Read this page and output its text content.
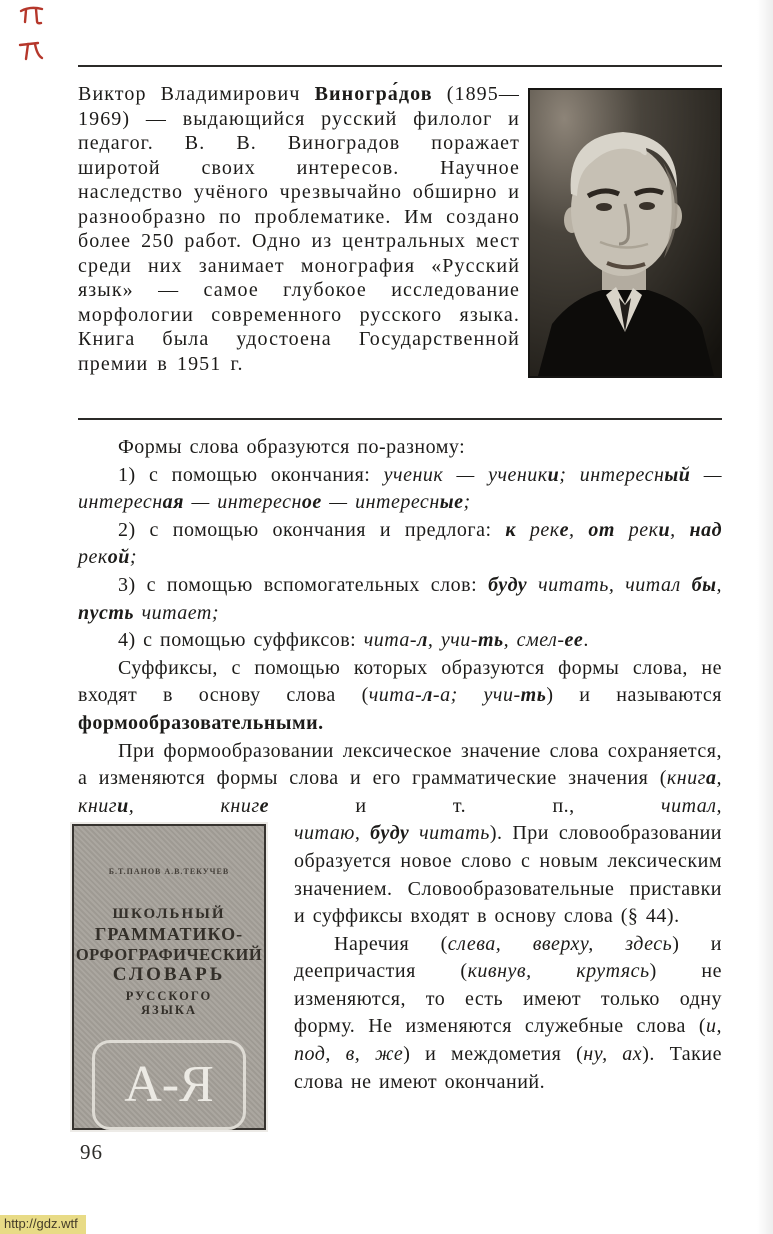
Виктор Владимирович Виногра́дов (1895—1969) — выдающийся русский филолог и педагог. В. В. Виноградов поражает широтой своих интересов. Научное наследство учёного чрезвычайно обширно и разнообразно по проблематике. Им создано более 250 работ. Одно из центральных мест среди них занимает монография «Русский язык» — самое глубокое исследование морфологии современного русского языка. Книга была удостоена Государственной премии в 1951 г.

Формы слова образуются по-разному:

1) с помощью окончания: ученик — ученики; интересный — интересная — интересное — интересные;

2) с помощью окончания и предлога: к реке, от реки, над рекой;

3) с помощью вспомогательных слов: буду читать, читал бы, пусть читает;

4) с помощью суффиксов: чита-л, учи-ть, смел-ее.

Суффиксы, с помощью которых образуются формы слова, не входят в основу слова (чита-л-а; учи-ть) и называются формообразовательными.

При формообразовании лексическое значение слова сохраняется, а изменяются формы слова и его грамматические значения (книга, книги, книге и т. п., читал,

Б.Т.ПАНОВ А.В.ТЕКУЧЕВ
ШКОЛЬНЫЙ
ГРАММАТИКО-
ОРФОГРАФИЧЕСКИЙ
СЛОВАРЬ
РУССКОГО
ЯЗЫКА
А-Я

читаю, буду читать). При словообразовании образуется новое слово с новым лексическим значением. Словообразовательные приставки и суффиксы входят в основу слова (§ 44).

Наречия (слева, вверху, здесь) и деепричастия (кивнув, крутясь) не изменяются, то есть имеют только одну форму. Не изменяются служебные слова (и, под, в, же) и междометия (ну, ах). Такие слова не имеют окончаний.

96
http://gdz.wtf
